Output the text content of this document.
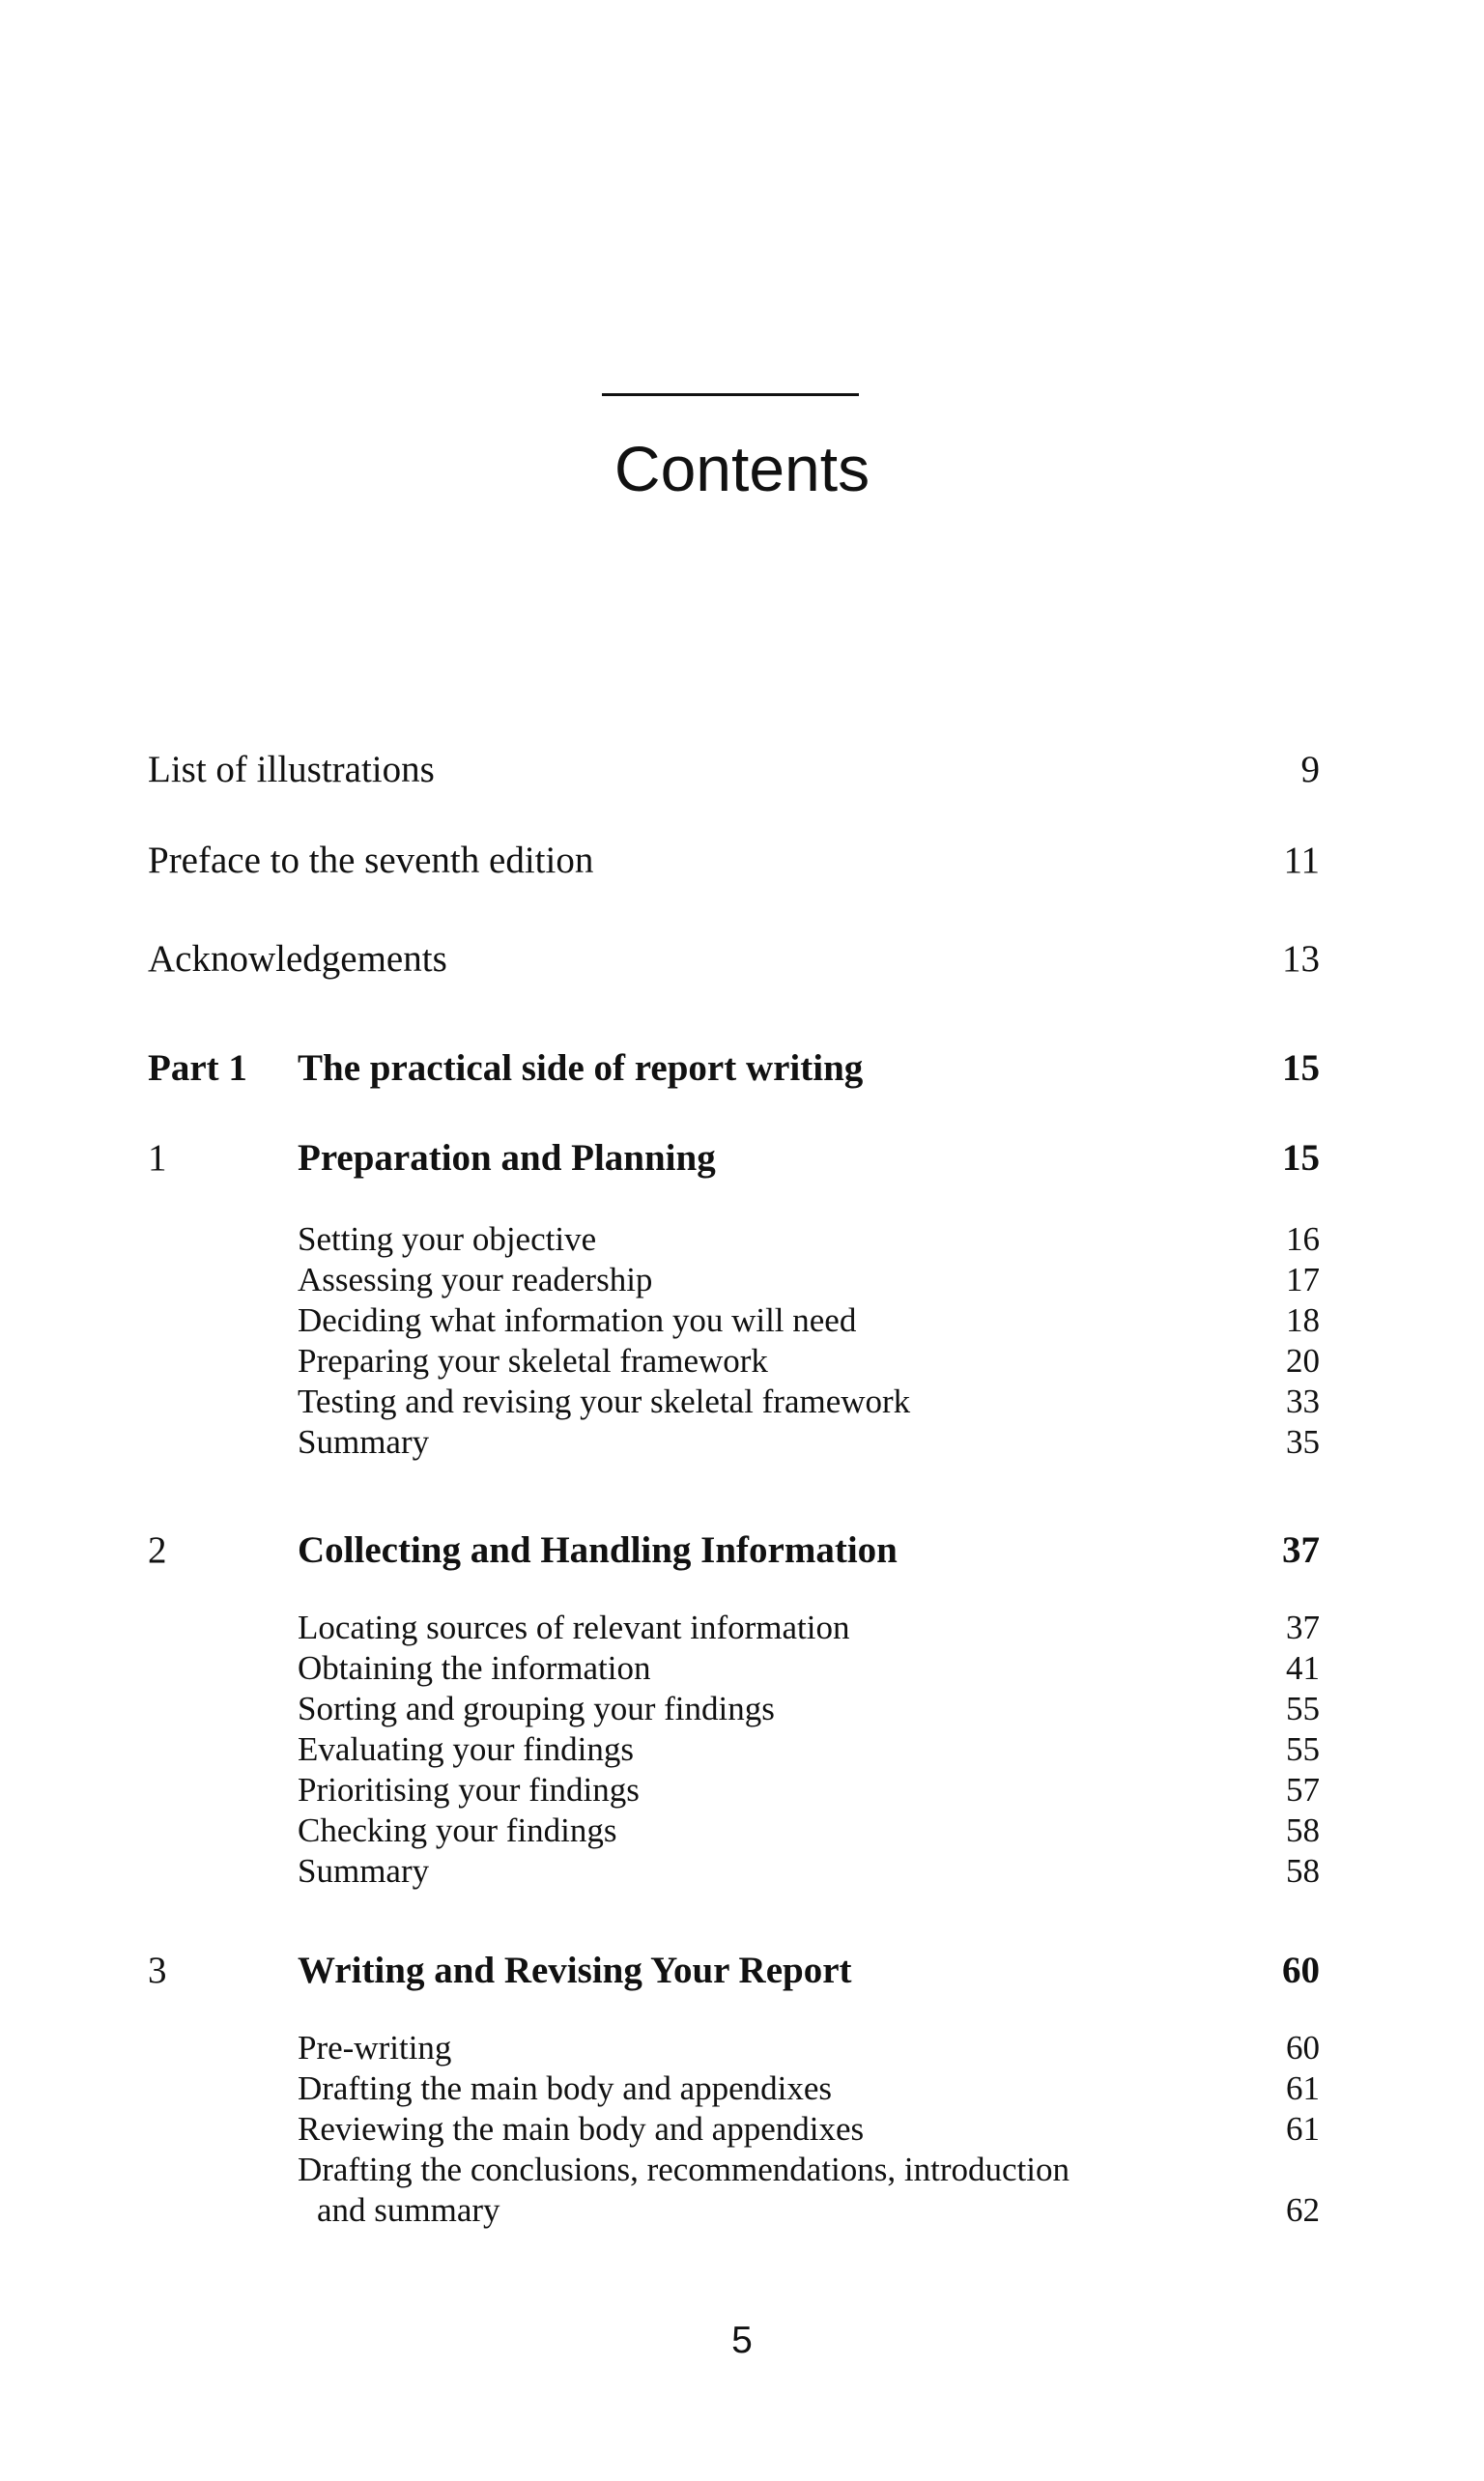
Contents
List of illustrations	9
Preface to the seventh edition	11
Acknowledgements	13
Part 1 The practical side of report writing	15
1	Preparation and Planning	15
Setting your objective	16
Assessing your readership	17
Deciding what information you will need	18
Preparing your skeletal framework	20
Testing and revising your skeletal framework	33
Summary	35
2	Collecting and Handling Information	37
Locating sources of relevant information	37
Obtaining the information	41
Sorting and grouping your findings	55
Evaluating your findings	55
Prioritising your findings	57
Checking your findings	58
Summary	58
3	Writing and Revising Your Report	60
Pre-writing	60
Drafting the main body and appendixes	61
Reviewing the main body and appendixes	61
Drafting the conclusions, recommendations, introduction
and summary	62
5
